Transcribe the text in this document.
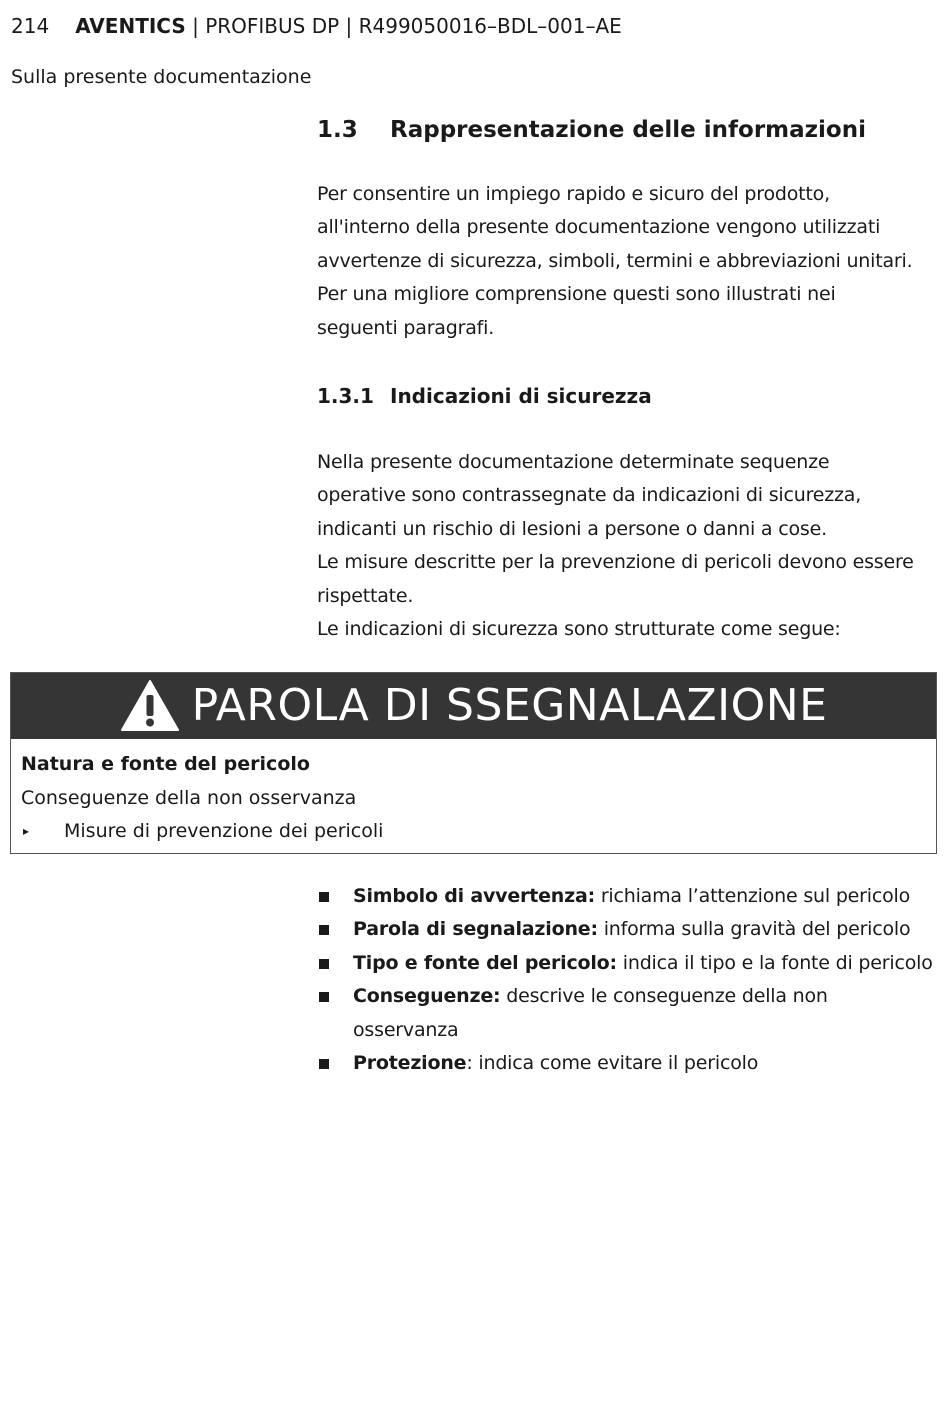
214 AVENTICS | PROFIBUS DP | R499050016–BDL–001–AE
Sulla presente documentazione
1.3 Rappresentazione delle informazioni
Per consentire un impiego rapido e sicuro del prodotto,
all'interno della presente documentazione vengono utilizzati
avvertenze di sicurezza, simboli, termini e abbreviazioni unitari.
Per una migliore comprensione questi sono illustrati nei
seguenti paragrafi.
1.3.1 Indicazioni di sicurezza
Nella presente documentazione determinate sequenze
operative sono contrassegnate da indicazioni di sicurezza,
indicanti un rischio di lesioni a persone o danni a cose.
Le misure descritte per la prevenzione di pericoli devono essere
rispettate.
Le indicazioni di sicurezza sono strutturate come segue:
PAROLA DI SSEGNALAZIONE
Natura e fonte del pericolo
Conseguenze della non osservanza
▸	Misure di prevenzione dei pericoli
Simbolo di avvertenza: richiama l’attenzione sul pericolo
Parola di segnalazione: informa sulla gravità del pericolo
Tipo e fonte del pericolo: indica il tipo e la fonte di pericolo
Conseguenze: descrive le conseguenze della non
osservanza
Protezione: indica come evitare il pericolo
